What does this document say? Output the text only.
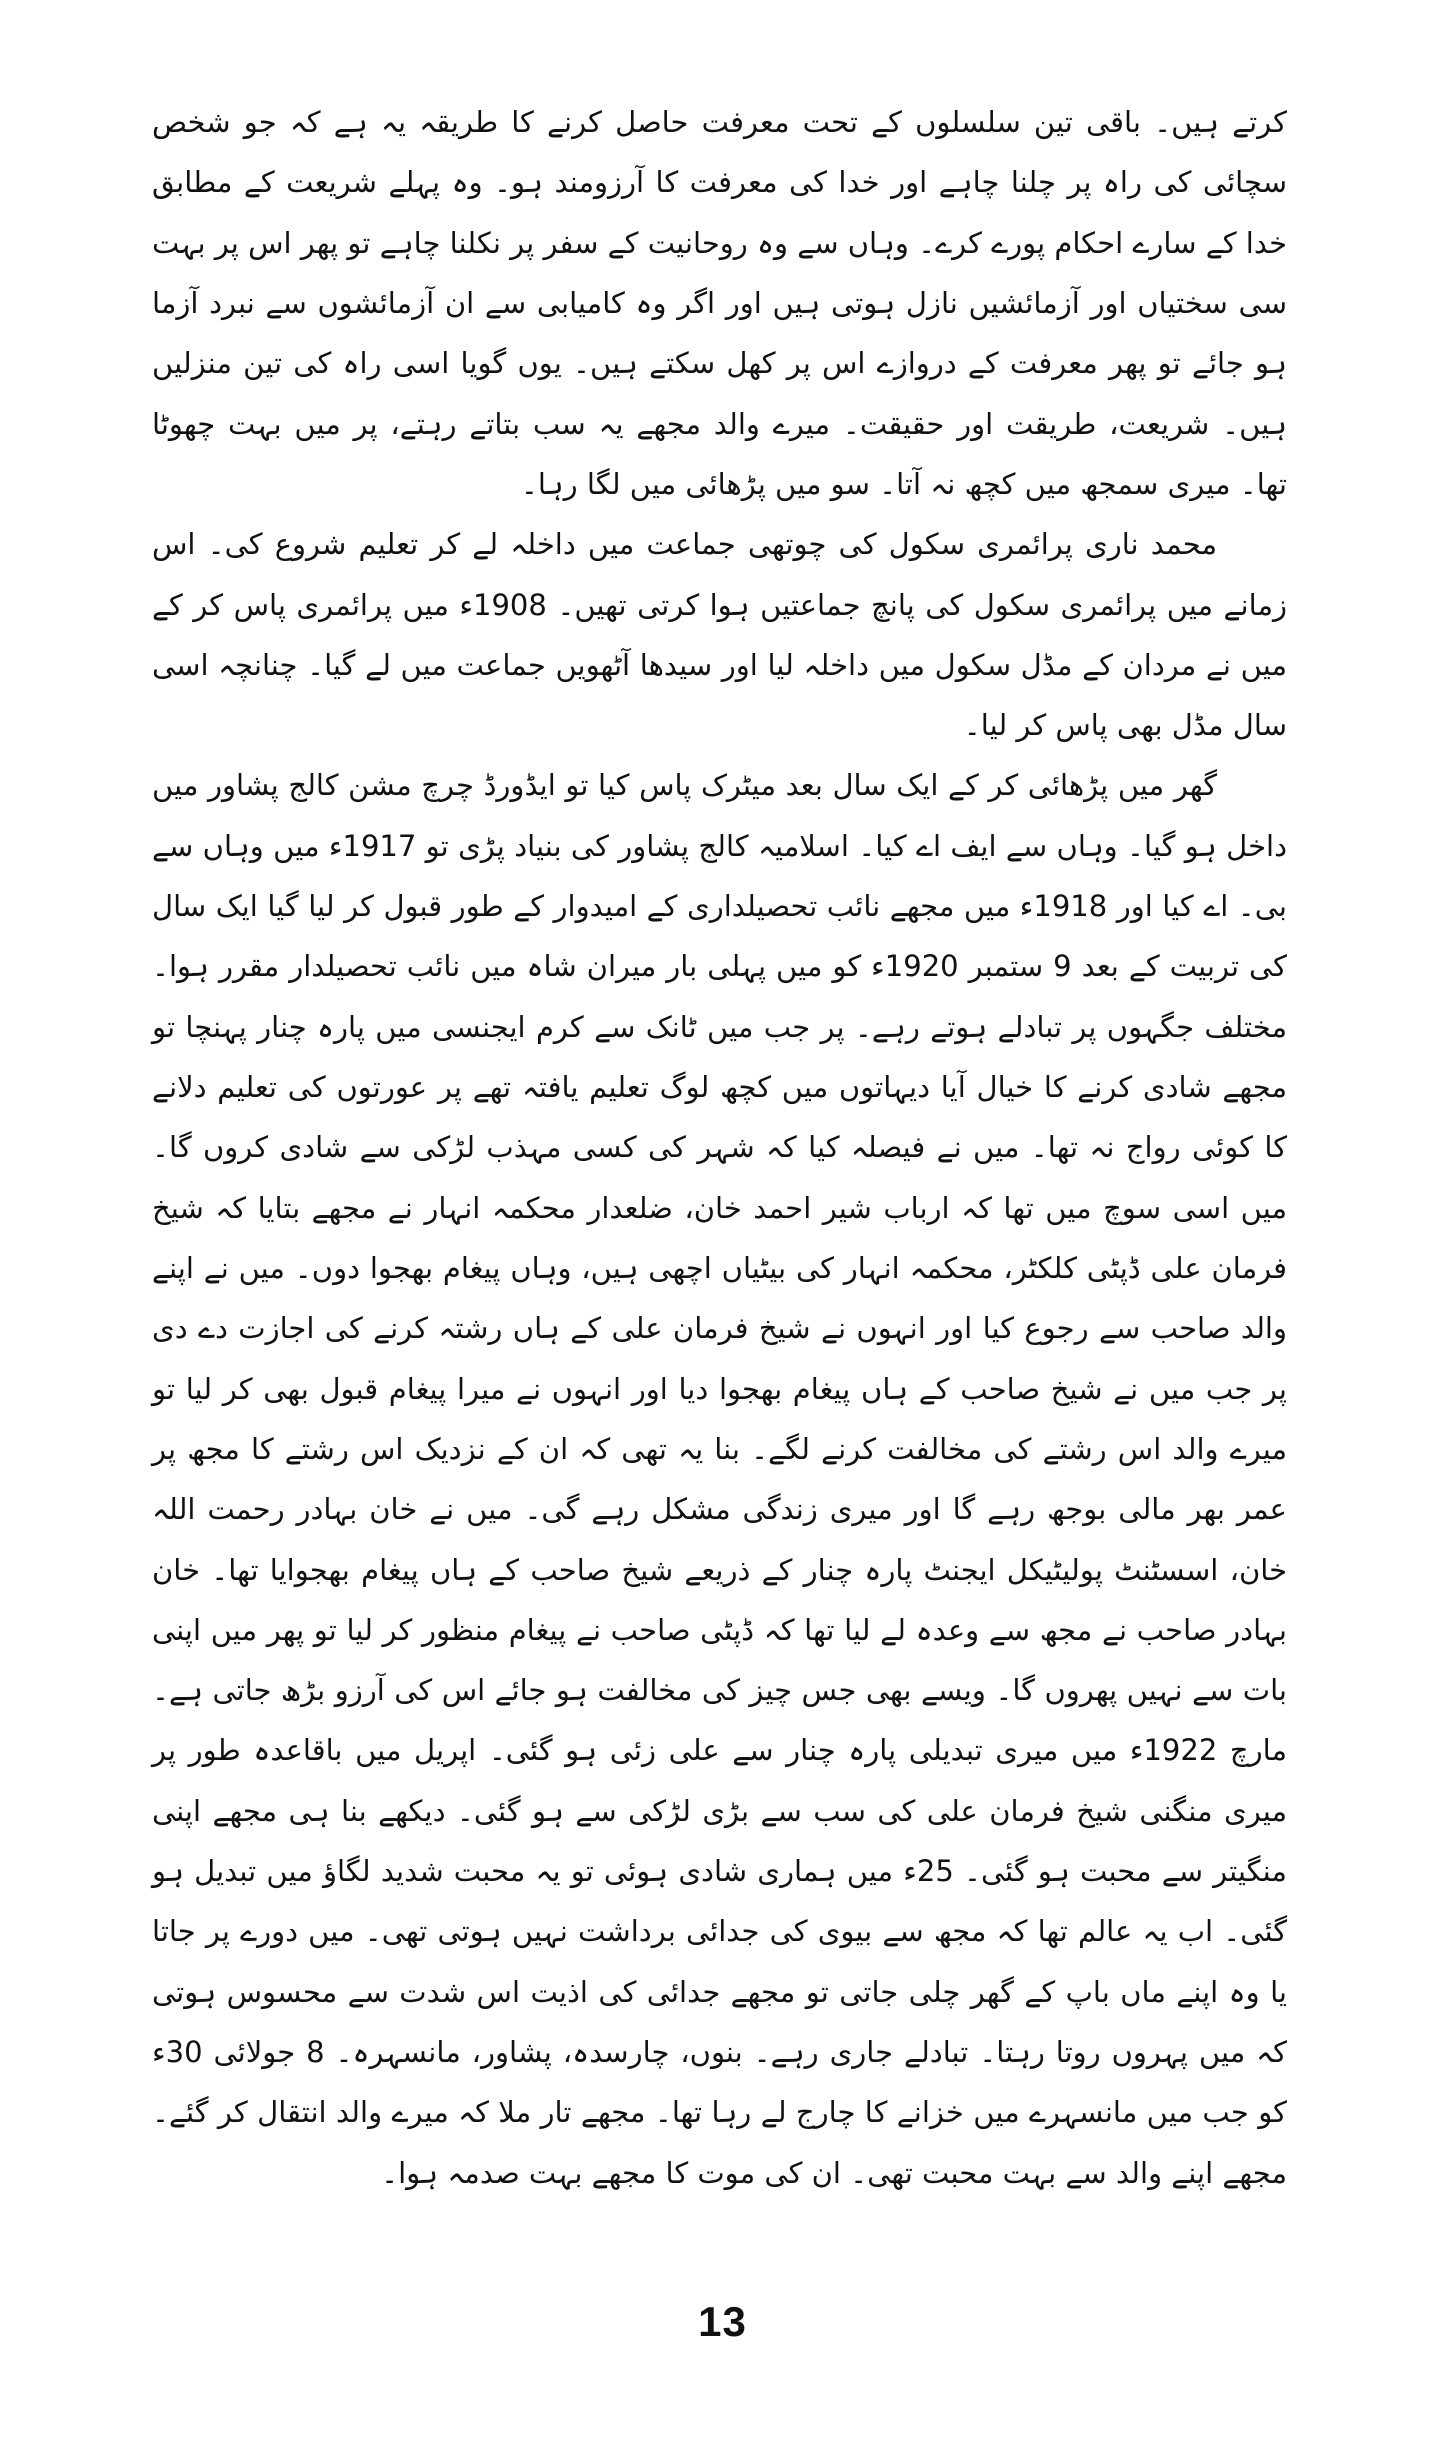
کرتے ہیں۔ باقی تین سلسلوں کے تحت معرفت حاصل کرنے کا طریقہ یہ ہے کہ جو شخص سچائی کی راہ پر چلنا چاہے اور خدا کی معرفت کا آرزومند ہو۔ وہ پہلے شریعت کے مطابق خدا کے سارے احکام پورے کرے۔ وہاں سے وہ روحانیت کے سفر پر نکلنا چاہے تو پھر اس پر بہت سی سختیاں اور آزمائشیں نازل ہوتی ہیں اور اگر وہ کامیابی سے ان آزمائشوں سے نبرد آزما ہو جائے تو پھر معرفت کے دروازے اس پر کھل سکتے ہیں۔ یوں گویا اسی راہ کی تین منزلیں ہیں۔ شریعت، طریقت اور حقیقت۔ میرے والد مجھے یہ سب بتاتے رہتے، پر میں بہت چھوٹا تھا۔ میری سمجھ میں کچھ نہ آتا۔ سو میں پڑھائی میں لگا رہا۔

محمد ناری پرائمری سکول کی چوتھی جماعت میں داخلہ لے کر تعلیم شروع کی۔ اس زمانے میں پرائمری سکول کی پانچ جماعتیں ہوا کرتی تھیں۔ 1908ء میں پرائمری پاس کر کے میں نے مردان کے مڈل سکول میں داخلہ لیا اور سیدھا آٹھویں جماعت میں لے گیا۔ چنانچہ اسی سال مڈل بھی پاس کر لیا۔

گھر میں پڑھائی کر کے ایک سال بعد میٹرک پاس کیا تو ایڈورڈ چرچ مشن کالج پشاور میں داخل ہو گیا۔ وہاں سے ایف اے کیا۔ اسلامیہ کالج پشاور کی بنیاد پڑی تو 1917ء میں وہاں سے بی۔ اے کیا اور 1918ء میں مجھے نائب تحصیلداری کے امیدوار کے طور قبول کر لیا گیا ایک سال کی تربیت کے بعد 9 ستمبر 1920ء کو میں پہلی بار میران شاہ میں نائب تحصیلدار مقرر ہوا۔ مختلف جگہوں پر تبادلے ہوتے رہے۔ پر جب میں ٹانک سے کرم ایجنسی میں پارہ چنار پہنچا تو مجھے شادی کرنے کا خیال آیا دیہاتوں میں کچھ لوگ تعلیم یافتہ تھے پر عورتوں کی تعلیم دلانے کا کوئی رواج نہ تھا۔ میں نے فیصلہ کیا کہ شہر کی کسی مہذب لڑکی سے شادی کروں گا۔ میں اسی سوچ میں تھا کہ ارباب شیر احمد خان، ضلعدار محکمہ انہار نے مجھے بتایا کہ شیخ فرمان علی ڈپٹی کلکٹر، محکمہ انہار کی بیٹیاں اچھی ہیں، وہاں پیغام بھجوا دوں۔ میں نے اپنے والد صاحب سے رجوع کیا اور انہوں نے شیخ فرمان علی کے ہاں رشتہ کرنے کی اجازت دے دی پر جب میں نے شیخ صاحب کے ہاں پیغام بھجوا دیا اور انہوں نے میرا پیغام قبول بھی کر لیا تو میرے والد اس رشتے کی مخالفت کرنے لگے۔ بنا یہ تھی کہ ان کے نزدیک اس رشتے کا مجھ پر عمر بھر مالی بوجھ رہے گا اور میری زندگی مشکل رہے گی۔ میں نے خان بہادر رحمت اللہ خان، اسسٹنٹ پولیٹیکل ایجنٹ پارہ چنار کے ذریعے شیخ صاحب کے ہاں پیغام بھجوایا تھا۔ خان بہادر صاحب نے مجھ سے وعدہ لے لیا تھا کہ ڈپٹی صاحب نے پیغام منظور کر لیا تو پھر میں اپنی بات سے نہیں پھروں گا۔ ویسے بھی جس چیز کی مخالفت ہو جائے اس کی آرزو بڑھ جاتی ہے۔ مارچ 1922ء میں میری تبدیلی پارہ چنار سے علی زئی ہو گئی۔ اپریل میں باقاعدہ طور پر میری منگنی شیخ فرمان علی کی سب سے بڑی لڑکی سے ہو گئی۔ دیکھے بنا ہی مجھے اپنی منگیتر سے محبت ہو گئی۔ 25ء میں ہماری شادی ہوئی تو یہ محبت شدید لگاؤ میں تبدیل ہو گئی۔ اب یہ عالم تھا کہ مجھ سے بیوی کی جدائی برداشت نہیں ہوتی تھی۔ میں دورے پر جاتا یا وہ اپنے ماں باپ کے گھر چلی جاتی تو مجھے جدائی کی اذیت اس شدت سے محسوس ہوتی کہ میں پہروں روتا رہتا۔ تبادلے جاری رہے۔ بنوں، چارسدہ، پشاور، مانسہرہ۔ 8 جولائی 30ء کو جب میں مانسہرے میں خزانے کا چارج لے رہا تھا۔ مجھے تار ملا کہ میرے والد انتقال کر گئے۔ مجھے اپنے والد سے بہت محبت تھی۔ ان کی موت کا مجھے بہت صدمہ ہوا۔

13
